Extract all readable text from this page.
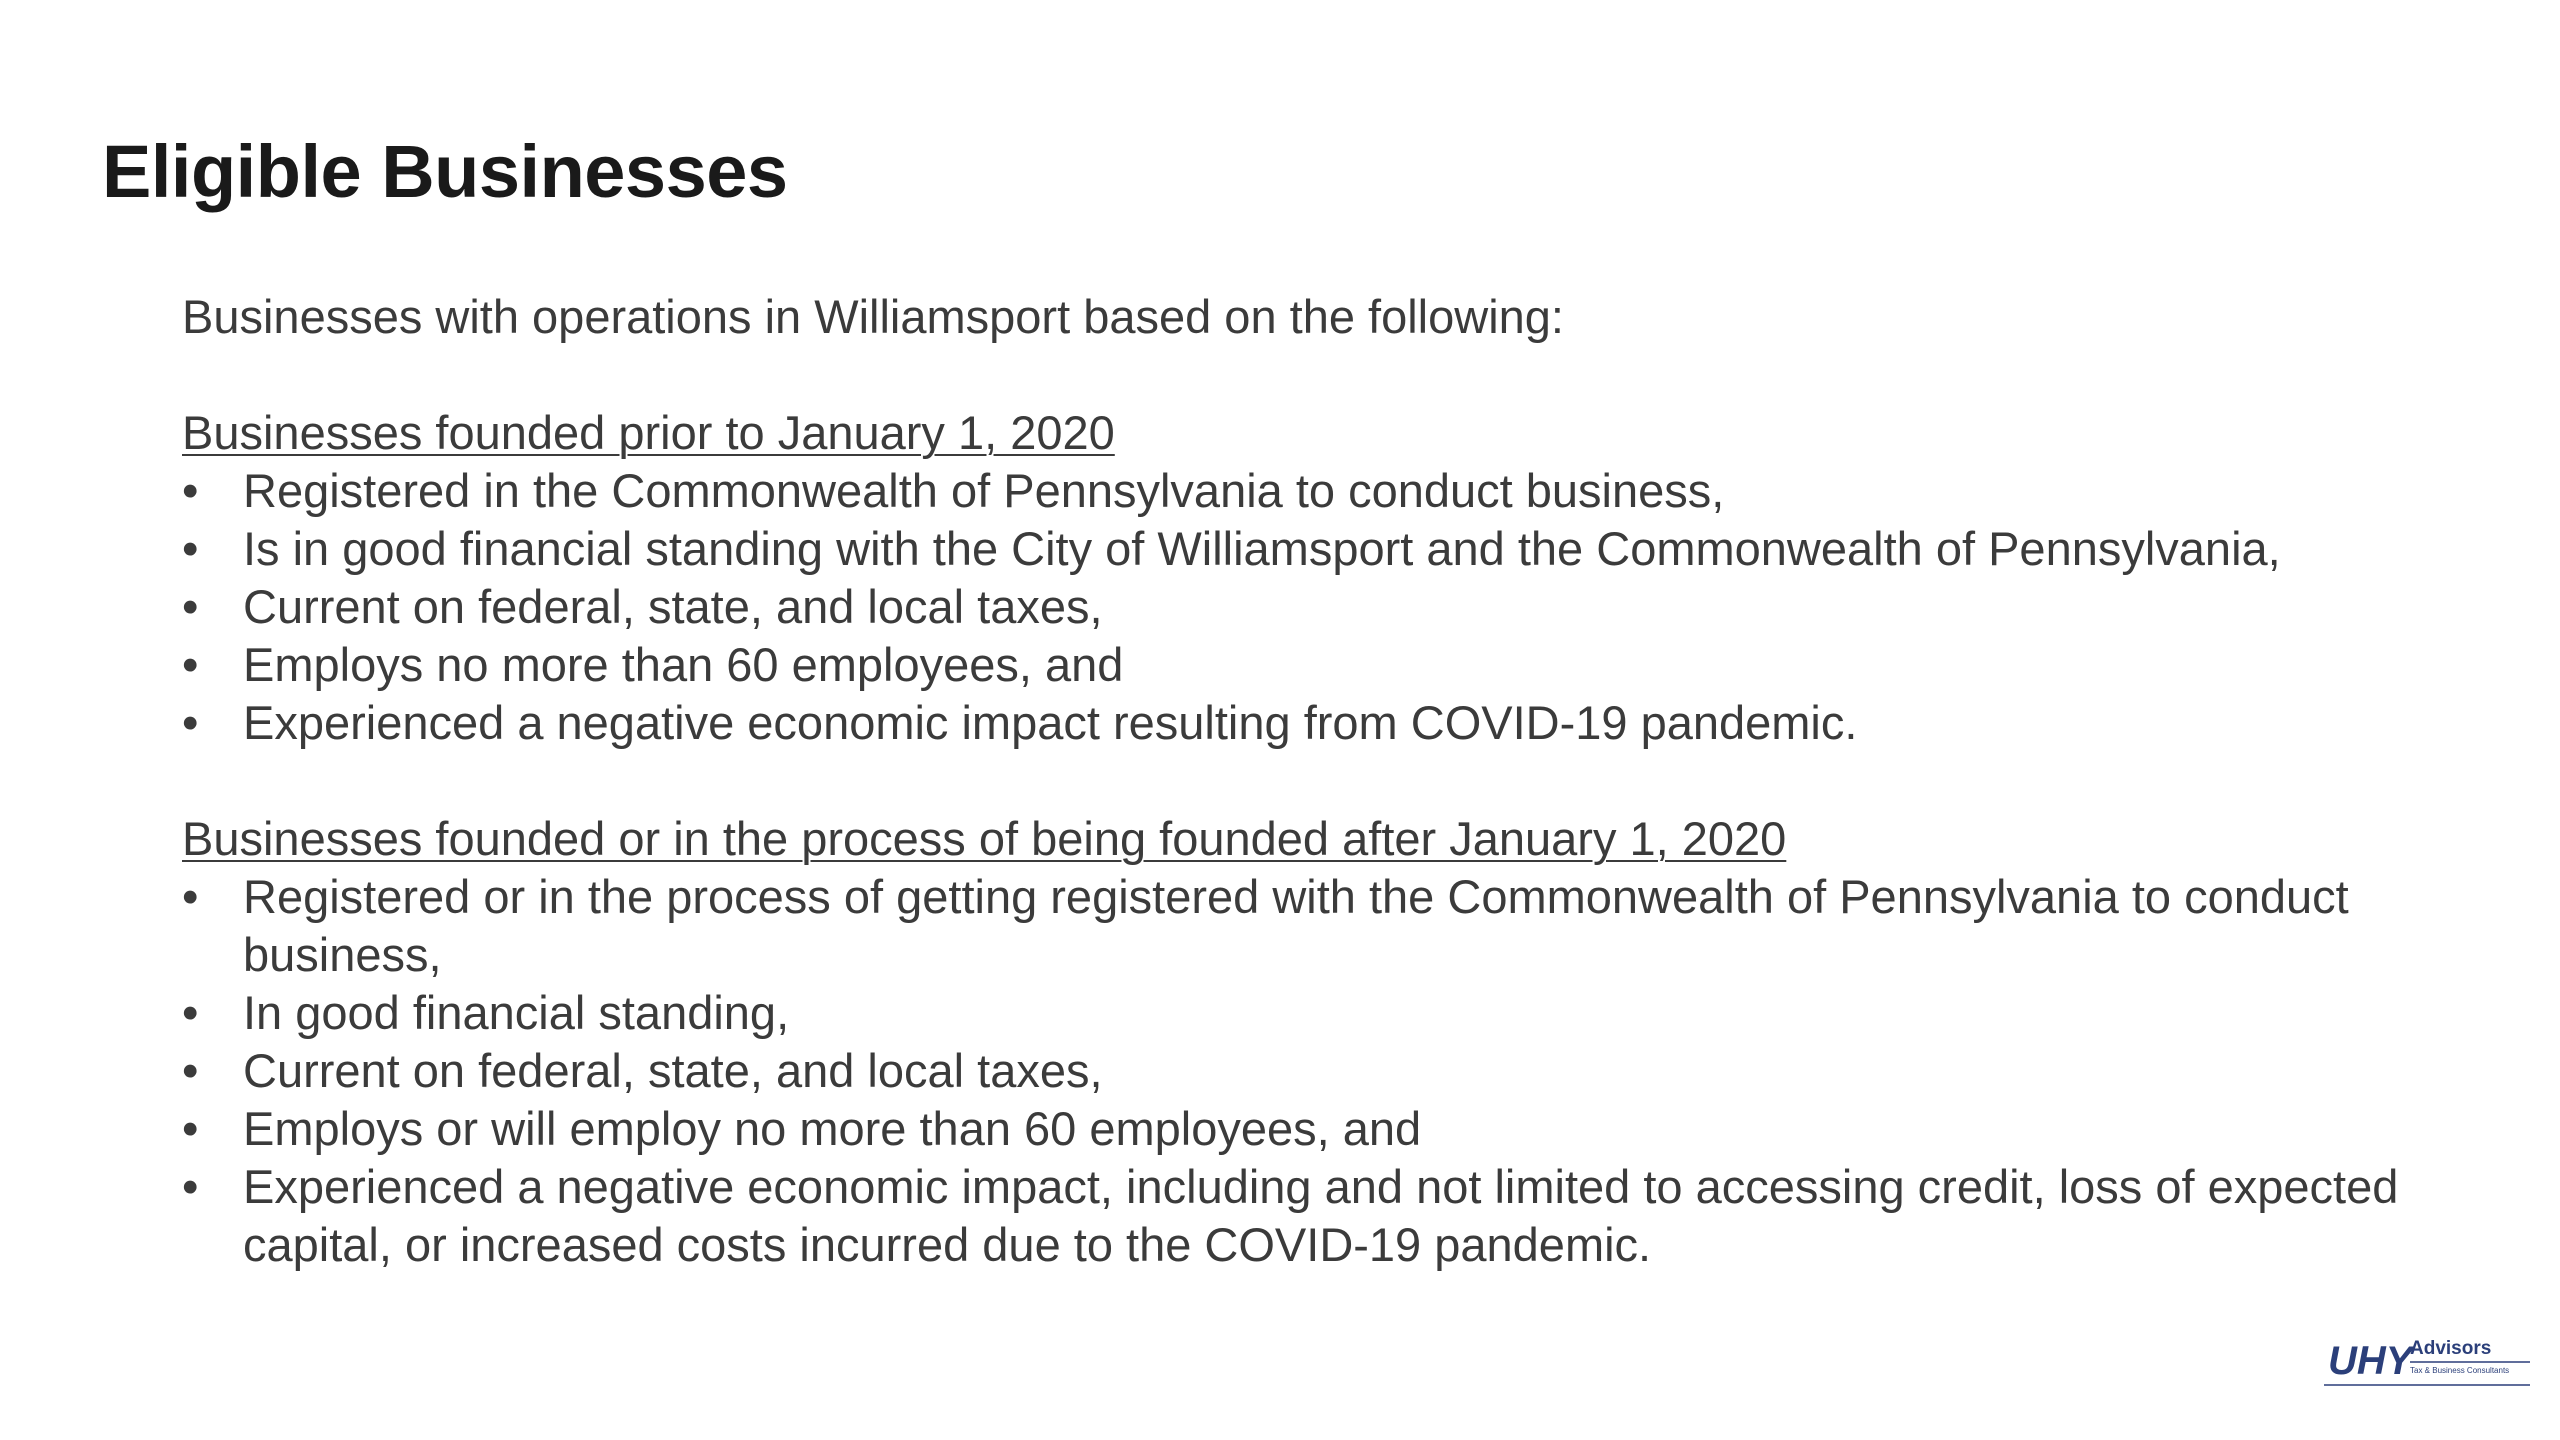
Eligible Businesses

Businesses with operations in Williamsport based on the following:

Businesses founded prior to January 1, 2020

• Registered in the Commonwealth of Pennsylvania to conduct business,
• Is in good financial standing with the City of Williamsport and the Commonwealth of Pennsylvania,
• Current on federal, state, and local taxes,
• Employs no more than 60 employees, and
• Experienced a negative economic impact resulting from COVID-19 pandemic.

Businesses founded or in the process of being founded after January 1, 2020

• Registered or in the process of getting registered with the Commonwealth of Pennsylvania to conduct business,
• In good financial standing,
• Current on federal, state, and local taxes,
• Employs or will employ no more than 60 employees, and
• Experienced a negative economic impact, including and not limited to accessing credit, loss of expected capital, or increased costs incurred due to the COVID-19 pandemic.
UHY
Advisors
Tax & Business Consultants
